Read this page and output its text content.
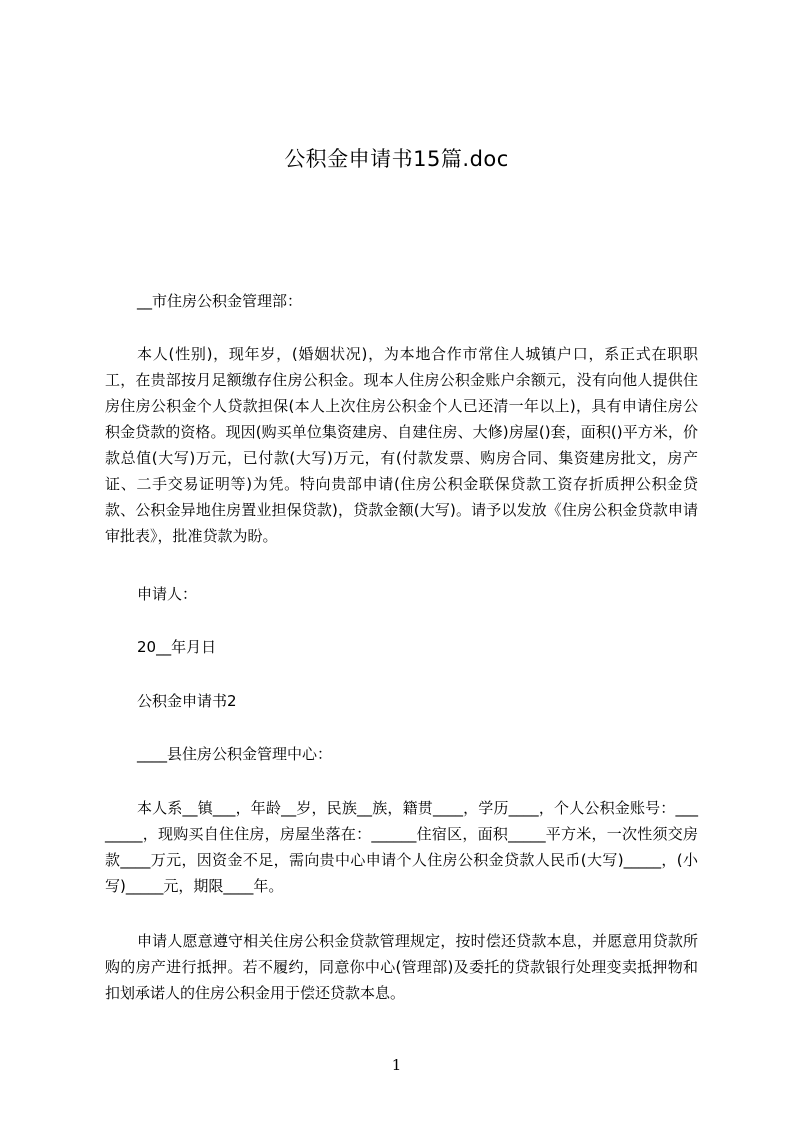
公积金申请书15篇.doc

__市住房公积金管理部：

本人(性别)，现年岁，(婚姻状况)，为本地合作市常住人城镇户口，系正式在职职工，在贵部按月足额缴存住房公积金。现本人住房公积金账户余额元，没有向他人提供住房住房公积金个人贷款担保(本人上次住房公积金个人已还清一年以上)，具有申请住房公积金贷款的资格。现因(购买单位集资建房、自建住房、大修)房屋()套，面积()平方米，价款总值(大写)万元，已付款(大写)万元，有(付款发票、购房合同、集资建房批文，房产证、二手交易证明等)为凭。特向贵部申请(住房公积金联保贷款工资存折质押公积金贷款、公积金异地住房置业担保贷款)，贷款金额(大写)。请予以发放《住房公积金贷款申请审批表》，批准贷款为盼。

申请人：

20__年月日

公积金申请书2

____县住房公积金管理中心：

本人系__镇___，年龄__岁，民族__族，籍贯____，学历____，个人公积金账号：________，现购买自住住房，房屋坐落在：______住宿区，面积_____平方米，一次性须交房款____万元，因资金不足，需向贵中心申请个人住房公积金贷款人民币(大写)_____，(小写)_____元，期限____年。

申请人愿意遵守相关住房公积金贷款管理规定，按时偿还贷款本息，并愿意用贷款所购的房产进行抵押。若不履约，同意你中心(管理部)及委托的贷款银行处理变卖抵押物和扣划承诺人的住房公积金用于偿还贷款本息。

1
